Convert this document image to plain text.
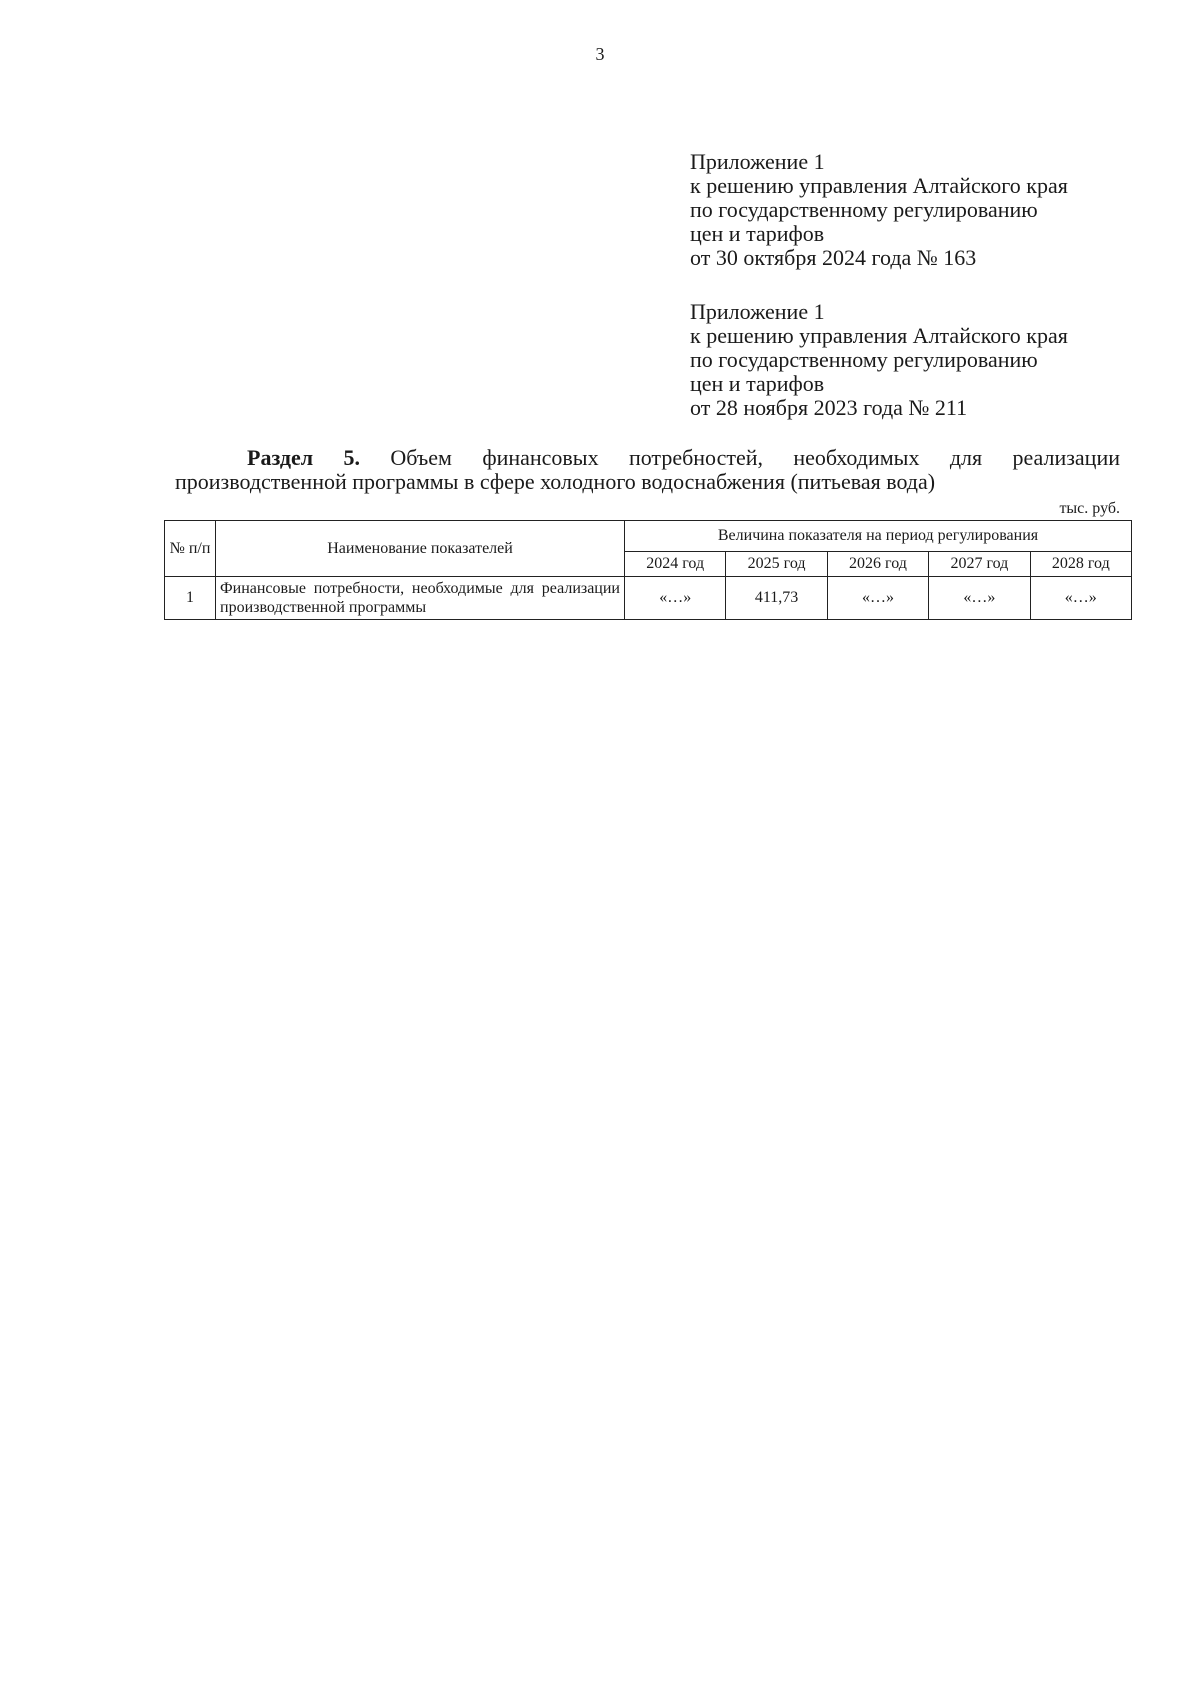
3
Приложение 1
к решению управления Алтайского края
по государственному регулированию
цен и тарифов
от 30 октября 2024 года № 163
Приложение 1
к решению управления Алтайского края
по государственному регулированию
цен и тарифов
от 28 ноября 2023 года № 211
Раздел 5. Объем финансовых потребностей, необходимых для реализации
производственной программы в сфере холодного водоснабжения (питьевая вода)
тыс. руб.
№ п/п	Наименование показателей	Величина показателя на период регулирования				
		2024 год	2025 год	2026 год	2027 год	2028 год
1	Финансовые потребности, необходимые для реализации производственной программы	«…»	411,73	«…»	«…»	«…»
